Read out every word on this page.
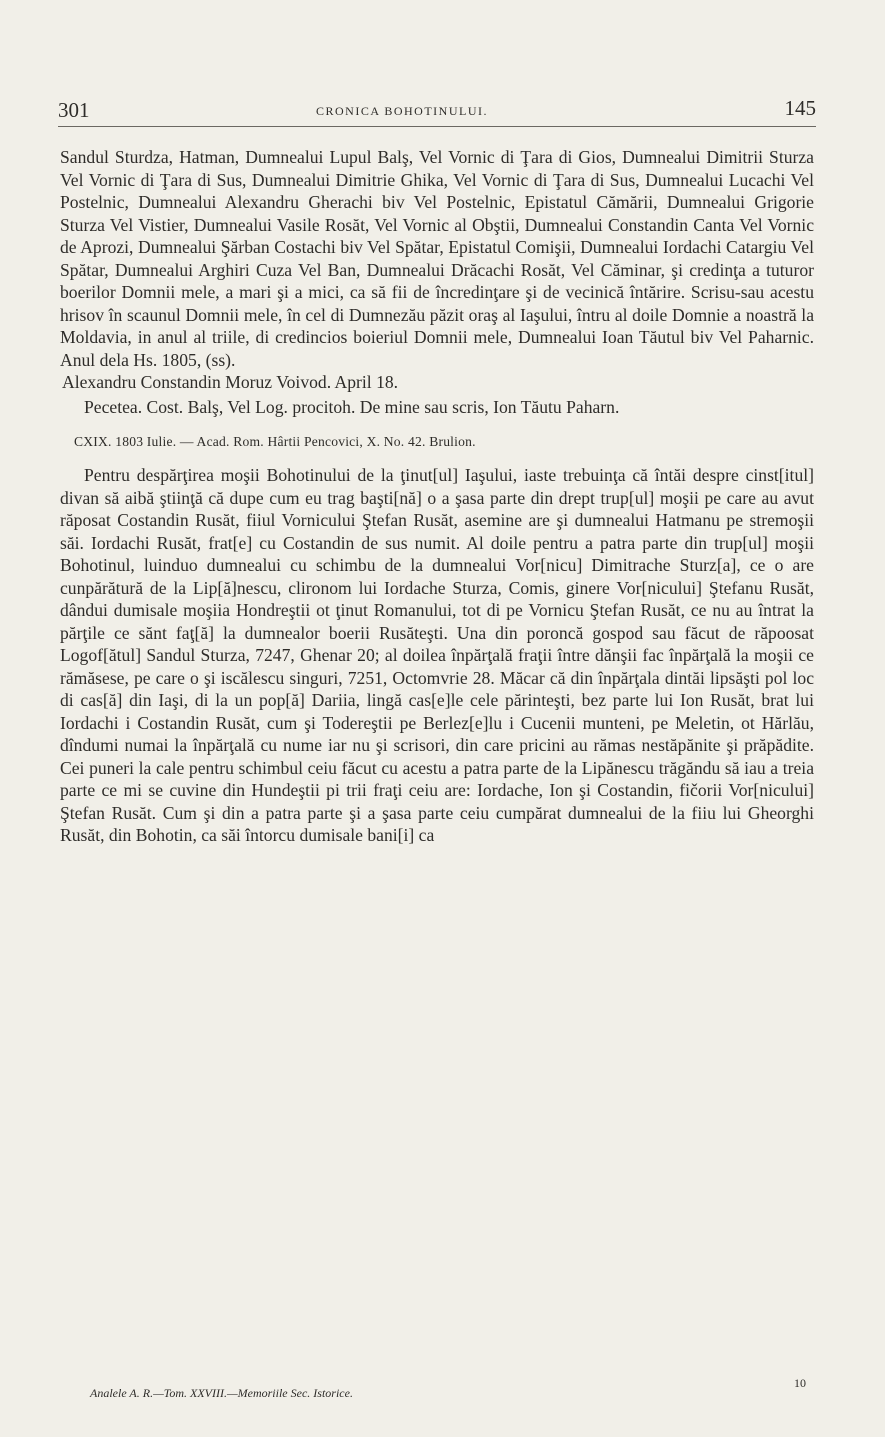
301	CRONICA BOHOTINULUI.	145

Sandul Sturdza, Hatman, Dumnealui Lupul Balş, Vel Vornic di Ţara di Gios, Dumnealui Dimitrii Sturza Vel Vornic di Ţara di Sus, Dumnealui Dimitrie Ghika, Vel Vornic di Ţara di Sus, Dumnealui Lucachi Vel Postelnic, Dumnealui Alexandru Gherachi biv Vel Postelnic, Epistatul Cămării, Dumnealui Grigorie Sturza Vel Vistier, Dumnealui Vasile Rosăt, Vel Vornic al Obştii, Dumnealui Constandin Canta Vel Vornic de Aprozi, Dumnealui Şărban Costachi biv Vel Spătar, Epistatul Comişii, Dumnealui Iordachi Catargiu Vel Spătar, Dumnealui Arghiri Cuza Vel Ban, Dumnealui Drăcachi Rosăt, Vel Căminar, şi credinţa a tuturor boerilor Domnii mele, a mari şi a mici, ca să fii de încredinţare şi de vecinică întărire. Scrisu-sau acestu hrisov în scaunul Domnii mele, în cel di Dumnezău păzit oraş al Iaşului, întru al doile Domnie a noastră la Moldavia, in anul al triile, di credincios boieriul Domnii mele, Dumnealui Ioan Tăutul biv Vel Paharnic. Anul dela Hs. 1805, (ss).

Alexandru Constandin Moruz Voivod. April 18.

Pecetea. Cost. Balş, Vel Log. procitoh. De mine sau scris, Ion Tăutu Paharn.

CXIX. 1803 Iulie. — Acad. Rom. Hârtii Pencovici, X. No. 42. Brulion.

Pentru despărţirea moşii Bohotinului de la ţinut[ul] Iaşului, iaste trebuinţa că întăi despre cinst[itul] divan să aibă ştiinţă că dupe cum eu trag başti[nă] o a şasa parte din drept trup[ul] moşii pe care au avut răposat Costandin Rusăt, fiiul Vornicului Ştefan Rusăt, asemine are şi dumnealui Hatmanu pe stremoşii săi. Iordachi Rusăt, frat[e] cu Costandin de sus numit. Al doile pentru a patra parte din trup[ul] moşii Bohotinul, luinduo dumnealui cu schimbu de la dumnealui Vor[nicu] Dimitrache Sturz[a], ce o are cunpărătură de la Lip[ă]nescu, clironom lui Iordache Sturza, Comis, ginere Vor[nicului] Ştefanu Rusăt, dândui dumisale moşiia Hondreştii ot ţinut Romanului, tot di pe Vornicu Ştefan Rusăt, ce nu au întrat la părţile ce sănt faţ[ă] la dumnealor boerii Rusăteşti. Una din poroncă gospod sau făcut de răpoosat Logof[ătul] Sandul Sturza, 7247, Ghenar 20; al doilea înpărţală fraţii între dănşii fac înpărţală la moşii ce rămăsese, pe care o şi iscălescu singuri, 7251, Octomvrie 28. Măcar că din înpărţala dintăi lipsăşti pol loc di cas[ă] din Iaşi, di la un pop[ă] Dariia, lingă cas[e]le cele părinteşti, bez parte lui Ion Rusăt, brat lui Iordachi i Costandin Rusăt, cum şi Todereştii pe Berlez[e]lu i Cucenii munteni, pe Meletin, ot Hărlău, dîndumi numai la înpărţală cu nume iar nu şi scrisori, din care pricini au rămas nestăpănite şi prăpădite. Cei puneri la cale pentru schimbul ceiu făcut cu acestu a patra parte de la Lipănescu trăgăndu să iau a treia parte ce mi se cuvine din Hundeştii pi trii fraţi ceiu are: Iordache, Ion şi Costandin, fičorii Vor[nicului] Ştefan Rusăt. Cum şi din a patra parte şi a şasa parte ceiu cumpărat dumnealui de la fiiu lui Gheorghi Rusăt, din Bohotin, ca săi întorcu dumisale bani[i] ca

Analele A. R.—Tom. XXVIII.—Memoriile Sec. Istorice.
10
